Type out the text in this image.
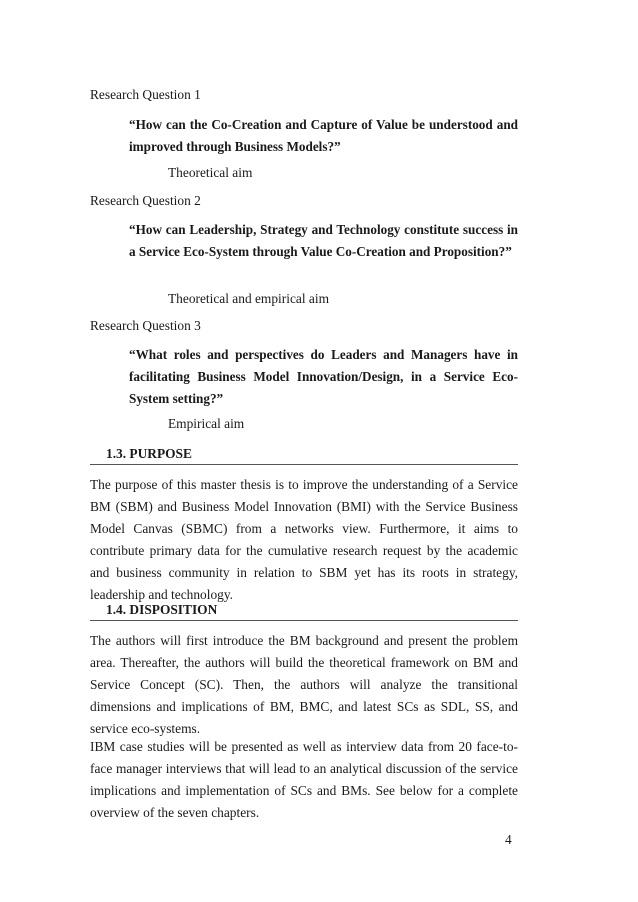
Research Question 1
“How can the Co-Creation and Capture of Value be understood and improved through Business Models?”
Theoretical aim
Research Question 2
“How can Leadership, Strategy and Technology constitute success in a Service Eco-System through Value Co-Creation and Proposition?”
Theoretical and empirical aim
Research Question 3
“What roles and perspectives do Leaders and Managers have in facilitating Business Model Innovation/Design, in a Service Eco-System setting?”
Empirical aim
1.3. PURPOSE
The purpose of this master thesis is to improve the understanding of a Service BM (SBM) and Business Model Innovation (BMI) with the Service Business Model Canvas (SBMC) from a networks view. Furthermore, it aims to contribute primary data for the cumulative research request by the academic and business community in relation to SBM yet has its roots in strategy, leadership and technology.
1.4. DISPOSITION
The authors will first introduce the BM background and present the problem area. Thereafter, the authors will build the theoretical framework on BM and Service Concept (SC). Then, the authors will analyze the transitional dimensions and implications of BM, BMC, and latest SCs as SDL, SS, and service eco-systems.
IBM case studies will be presented as well as interview data from 20 face-to-face manager interviews that will lead to an analytical discussion of the service implications and implementation of SCs and BMs. See below for a complete overview of the seven chapters.
4
